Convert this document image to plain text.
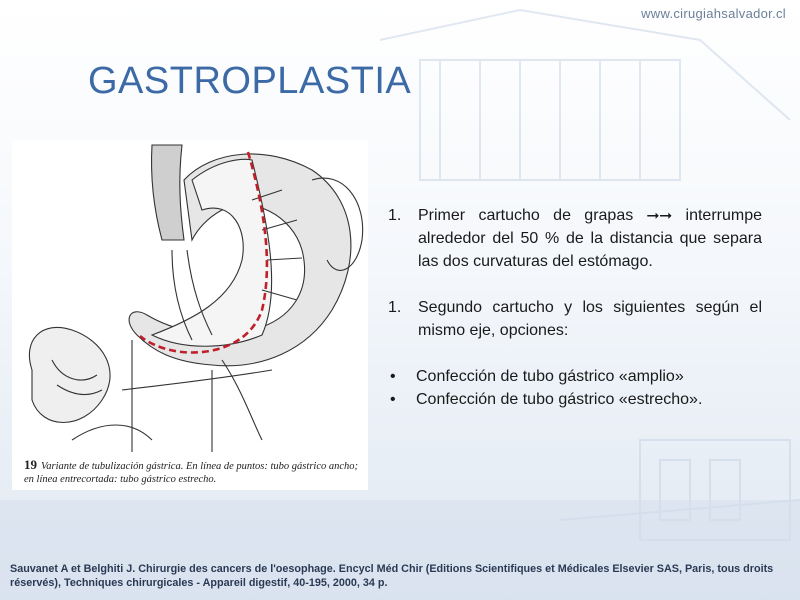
www.cirugiahsalvador.cl
GASTROPLASTIA
19 Variante de tubulización gástrica. En línea de puntos: tubo gástrico ancho; en línea entrecortada: tubo gástrico estrecho.
1.	Primer cartucho de grapas ⭢⭢ interrumpe alrededor del 50 % de la distancia que separa las dos curvaturas del estómago.
1.	Segundo cartucho y los siguientes según el mismo eje, opciones:
•	Confección de tubo gástrico «amplio»
•	Confección de tubo gástrico «estrecho».
Sauvanet A et Belghiti J. Chirurgie des cancers de l'oesophage. Encycl Méd Chir (Editions Scientifiques et Médicales Elsevier SAS, Paris, tous droits réservés), Techniques chirurgicales - Appareil digestif, 40-195, 2000, 34 p.
